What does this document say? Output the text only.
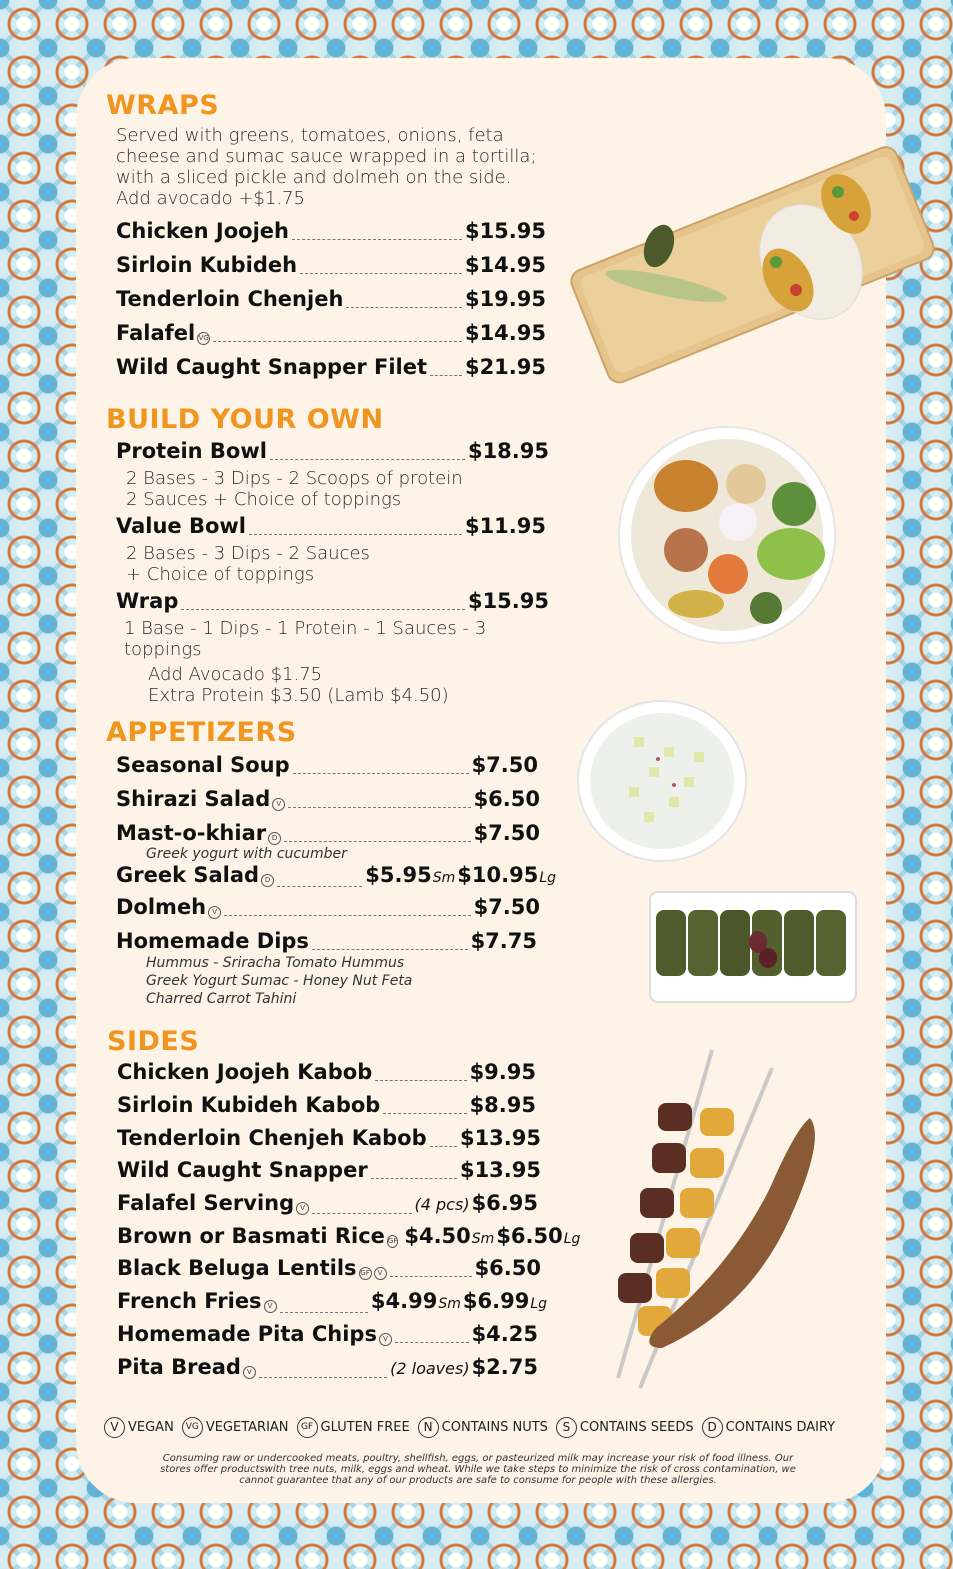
WRAPS
Served with greens, tomatoes, onions, feta
cheese and sumac sauce wrapped in a tortilla;
with a sliced pickle and dolmeh on the side.
Add avocado +$1.75
Chicken Joojeh	$15.95
Sirloin Kubideh	$14.95
Tenderloin Chenjeh	$19.95
Falafel VG	$14.95
Wild Caught Snapper Filet $21.95
BUILD YOUR OWN
Protein Bowl	$18.95
2 Bases - 3 Dips - 2 Scoops of protein
2 Sauces + Choice of toppings
Value Bowl	$11.95
2 Bases - 3 Dips - 2 Sauces
+ Choice of toppings
Wrap	$15.95
1 Base - 1 Dips - 1 Protein - 1 Sauces - 3
toppings
Add Avocado $1.75
Extra Protein $3.50 (Lamb $4.50)
APPETIZERS
Seasonal Soup	$7.50
Shirazi Salad V	$6.50
Mast-o-khiar D	$7.50
Greek yogurt with cucumber
Greek Salad D	$5.95 Sm $10.95 Lg
Dolmeh V	$7.50
Homemade Dips	$7.75
Hummus - Sriracha Tomato Hummus
Greek Yogurt Sumac - Honey Nut Feta
Charred Carrot Tahini
SIDES
Chicken Joojeh Kabob	$9.95
Sirloin Kubideh Kabob	$8.95
Tenderloin Chenjeh Kabob $13.95
Wild Caught Snapper	$13.95
Falafel Serving V	(4 pcs) $6.95
Brown or Basmati Rice GF $4.50 Sm $6.50 Lg
Black Beluga Lentils GF	V	$6.50
French Fries V	$4.99 Sm $6.99 Lg
Homemade Pita Chips V	$4.25
Pita Bread V	(2 loaves) $2.75
V VEGAN	VG VEGETARIAN	GF GLUTEN FREE	N CONTAINS NUTS	S CONTAINS SEEDS	D CONTAINS DAIRY
Consuming raw or undercooked meats, poultry, shellfish, eggs, or pasteurized milk may increase your risk of food illness. Our stores offer productswith tree nuts, milk, eggs and wheat. While we take steps to minimize the risk of cross contamination, we cannot guarantee that any of our products are safe to consume for people with these allergies.
